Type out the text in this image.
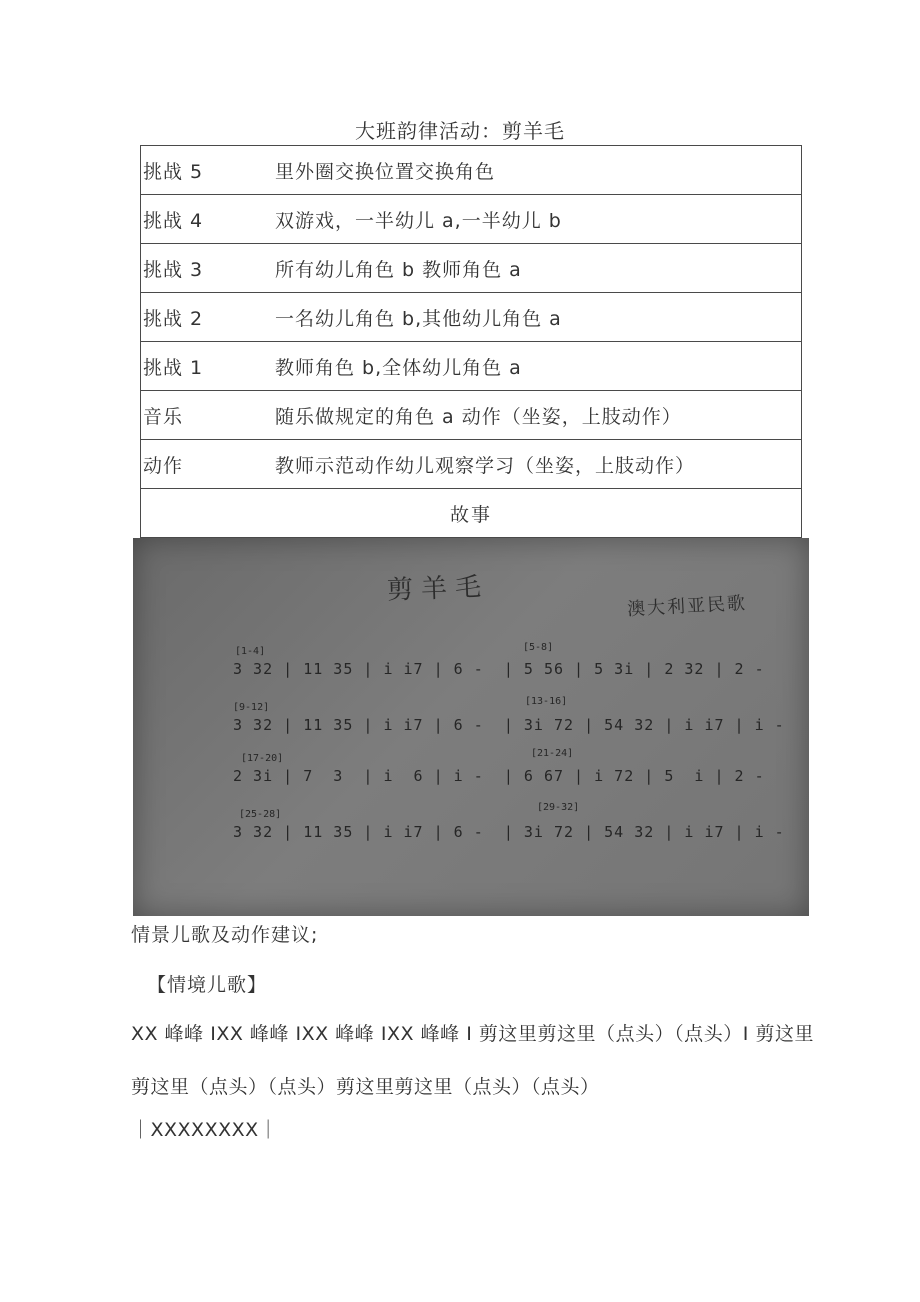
大班韵律活动：剪羊毛
挑战 5	里外圈交换位置交换角色
挑战 4	双游戏，一半幼儿 a,一半幼儿 b
挑战 3	所有幼儿角色 b 教师角色 a
挑战 2	一名幼儿角色 b,其他幼儿角色 a
挑战 1	教师角色 b,全体幼儿角色 a
音乐	随乐做规定的角色 a 动作（坐姿，上肢动作）
动作	教师示范动作幼儿观察学习（坐姿，上肢动作）
故事
剪羊毛
澳大利亚民歌
[1-4]	[5-8]
[9-12]
[13-16]
[17-20]	[21-24]
[25-28]
[29-32]
3 32 | 11 35 | i i7 | 6 -  | 5 56 | 5 3i | 2 32 | 2 -
3 32 | 11 35 | i i7 | 6 -  | 3i 72 | 54 32 | i i7 | i -
2 3i | 7  3  | i  6 | i -  | 6 67 | i 72 | 5  i | 2 -
3 32 | 11 35 | i i7 | 6 -  | 3i 72 | 54 32 | i i7 | i -
情景儿歌及动作建议;
【情境儿歌】
XX 峰峰 IXX 峰峰 IXX 峰峰 IXX 峰峰 I 剪这里剪这里（点头）（点头）I 剪这里剪这里（点头）（点头）剪这里剪这里（点头）（点头）
｜XXXXXXXX｜
